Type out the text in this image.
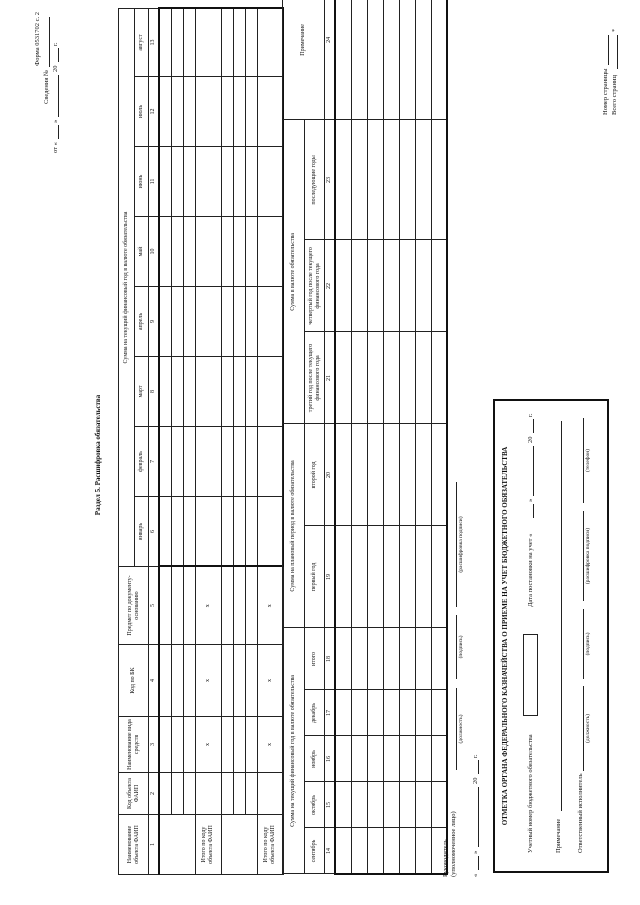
Форма 0531702 с. 2
Сведения №
от «
»
20
г.
Раздел 5. Расшифровка обязательства
Наименование объекта ФАИП	Код объекта ФАИП	Наименование вида средств	Код по БК	Предмет по документу-основанию	Сумма на текущий финансовый год в валюте обязательства							
					январь	февраль	март	апрель	май	июнь	июль	август
1	2	3	4	5	6	7	8	9	10	11	12	13

Итого по коду объекта ФАИП		x	x	x								

Итого по коду объекта ФАИП		x	x	x								
Сумма на текущий финансовый год в валюте обязательства					Сумма на плановый период в валюте обязательства		Сумма в валюте обязательства			Примечание
сентябрь	октябрь	ноябрь	декабрь	итого	первый год	второй год	третий год после текущего финансового года	четвертый год после текущего финансового года	последующие годы	
14	15	16	17	18	19	20	21	22	23	24

Руководитель (уполномоченное лицо)
(должность)
(подпись)
(расшифровка подписи)
«
»
20
г.	ОТМЕТКА ОРГАНА ФЕДЕРАЛЬНОГО КАЗНАЧЕЙСТВА О ПРИЕМЕ НА УЧЕТ БЮДЖЕТНОГО ОБЯЗАТЕЛЬСТВА	Учетный номер бюджетного обязательства
Дата постановки на учет «
»
20
г.
Примечание Ответственный исполнитель
(должность)
(подпись)
(расшифровка подписи)
(телефон)
Номер страницы Всего страниц
*
